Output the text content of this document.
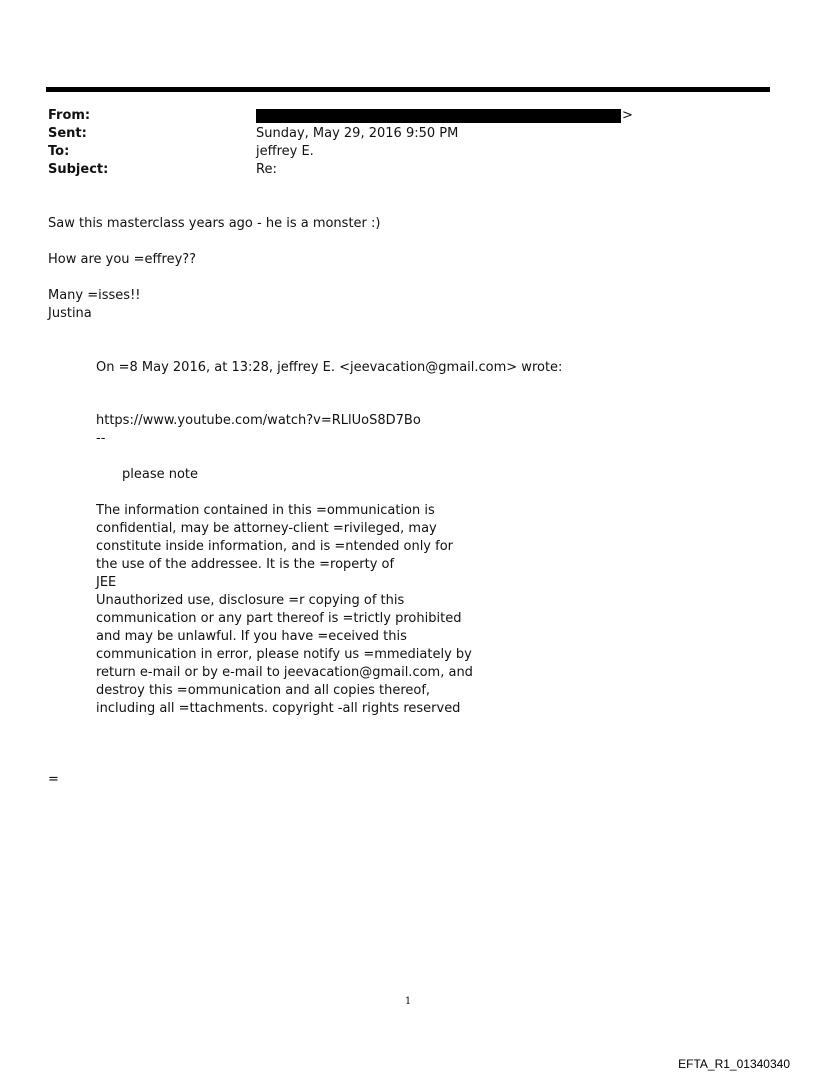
From:	>
Sent:	Sunday, May 29, 2016 9:50 PM
To:	jeffrey E.
Subject:	Re:
Saw this masterclass years ago - he is a monster :)
How are you =effrey??
Many =isses!!
Justina
On =8 May 2016, at 13:28, jeffrey E. <jeevacation@gmail.com> wrote:
https://www.youtube.com/watch?v=RLlUoS8D7Bo
--
please note
The information contained in this =ommunication is
confidential, may be attorney-client =rivileged, may
constitute inside information, and is =ntended only for
the use of the addressee. It is the =roperty of
JEE
Unauthorized use, disclosure =r copying of this
communication or any part thereof is =trictly prohibited
and may be unlawful. If you have =eceived this
communication in error, please notify us =mmediately by
return e-mail or by e-mail to jeevacation@gmail.com, and
destroy this =ommunication and all copies thereof,
including all =ttachments. copyright -all rights reserved
=
1
EFTA_R1_01340340
